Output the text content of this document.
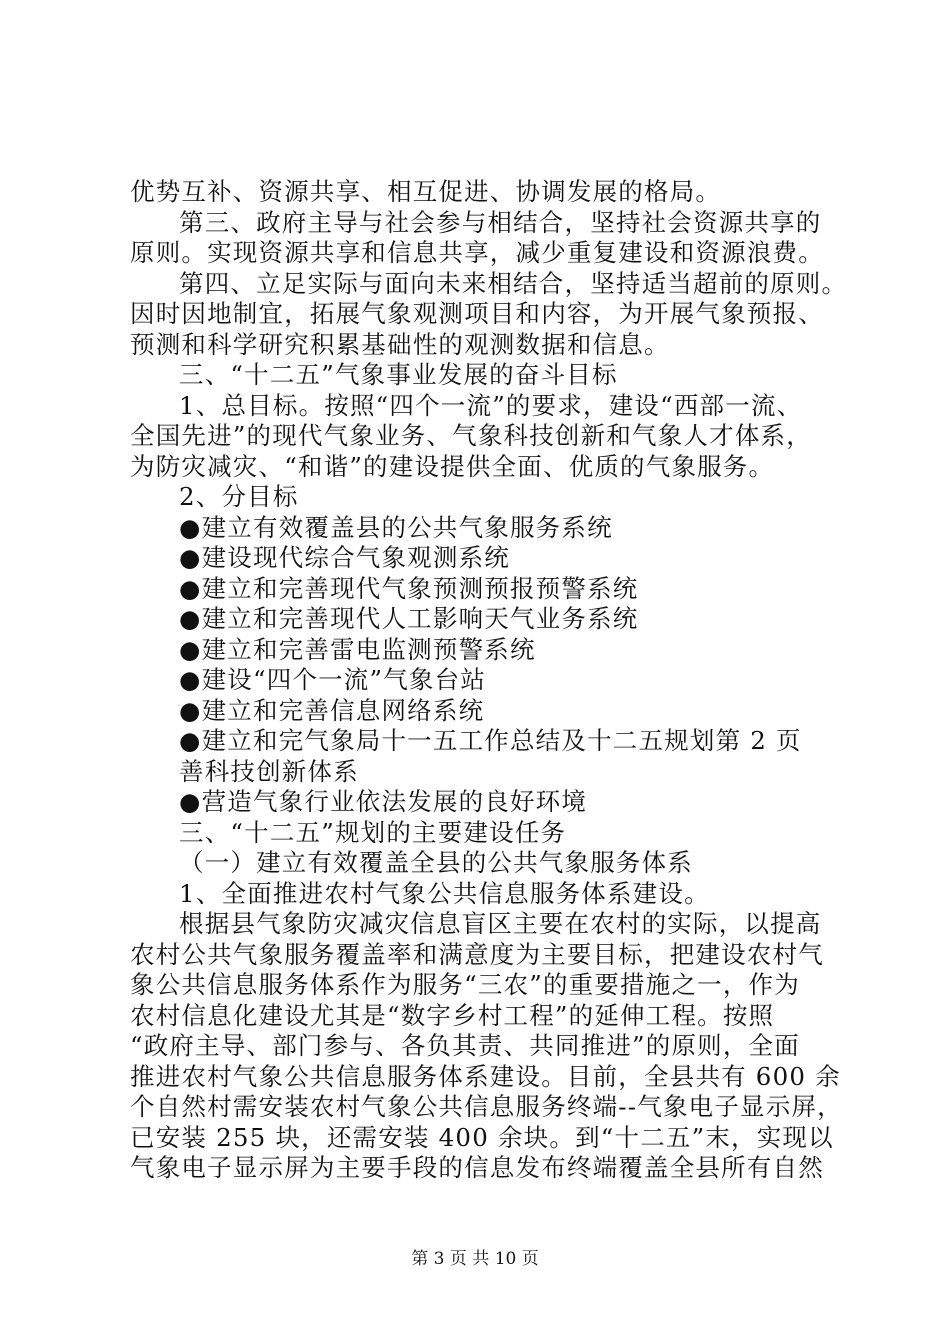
优势互补、资源共享、相互促进、协调发展的格局。
第三、政府主导与社会参与相结合，坚持社会资源共享的
原则。实现资源共享和信息共享，减少重复建设和资源浪费。
第四、立足实际与面向未来相结合，坚持适当超前的原则。
因时因地制宜，拓展气象观测项目和内容，为开展气象预报、
预测和科学研究积累基础性的观测数据和信息。
三、“十二五”气象事业发展的奋斗目标
1、总目标。按照“四个一流”的要求，建设“西部一流、
全国先进”的现代气象业务、气象科技创新和气象人才体系，
为防灾减灾、“和谐”的建设提供全面、优质的气象服务。
2、分目标
●建立有效覆盖县的公共气象服务系统
●建设现代综合气象观测系统
●建立和完善现代气象预测预报预警系统
●建立和完善现代人工影响天气业务系统
●建立和完善雷电监测预警系统
●建设“四个一流”气象台站
●建立和完善信息网络系统
●建立和完气象局十一五工作总结及十二五规划第 2 页
善科技创新体系
●营造气象行业依法发展的良好环境
三、“十二五”规划的主要建设任务
（一）建立有效覆盖全县的公共气象服务体系
1、全面推进农村气象公共信息服务体系建设。
根据县气象防灾减灾信息盲区主要在农村的实际，以提高
农村公共气象服务覆盖率和满意度为主要目标，把建设农村气
象公共信息服务体系作为服务“三农”的重要措施之一，作为
农村信息化建设尤其是“数字乡村工程”的延伸工程。按照
“政府主导、部门参与、各负其责、共同推进”的原则，全面
推进农村气象公共信息服务体系建设。目前，全县共有 600 余
个自然村需安装农村气象公共信息服务终端--气象电子显示屏，
已安装 255 块，还需安装 400 余块。到“十二五”末，实现以
气象电子显示屏为主要手段的信息发布终端覆盖全县所有自然
第 3 页 共 10 页
